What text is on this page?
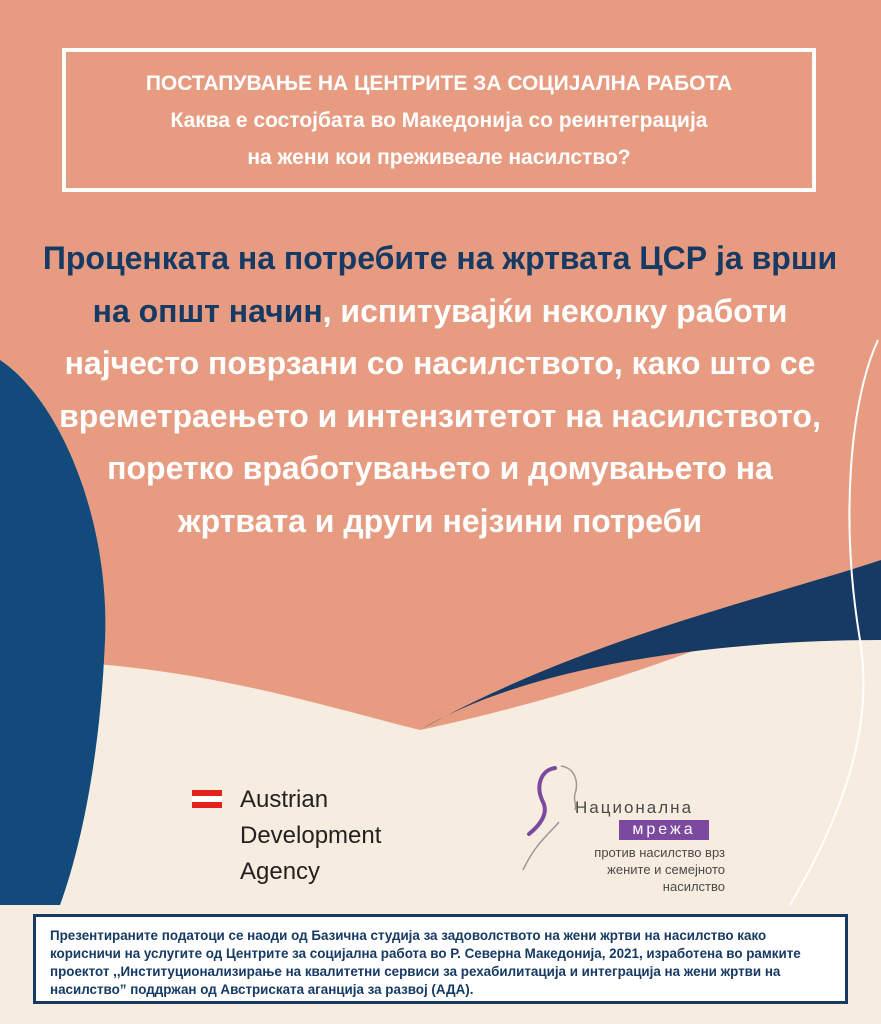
ПОСТАПУВАЊЕ НА ЦЕНТРИТЕ ЗА СОЦИЈАЛНА РАБОТА
Каква е состојбата во Македонија со реинтеграција
на жени кои преживеале насилство?
Проценката на потребите на жртвата ЦСР ја врши на општ начин, испитувајќи неколку работи најчесто поврзани со насилството, како што се времетраењето и интензитетот на насилството, поретко вработувањето и домувањето на жртвата и други нејзини потреби
Austrian
Development
Agency
Национална
мрежа
против насилство врз
жените и семејното
насилство
Презентираните податоци се наоди од Базична студија за задоволството на жени жртви на насилство како корисничи на услугите од Центрите за социјална работа во Р. Северна Македонија, 2021, изработена во рамките проектот ,,Институционализирање на квалитетни сервиси за рехабилитација и интеграција на жени жртви на насилство” поддржан од Австриската аганција за развој (АДА).
